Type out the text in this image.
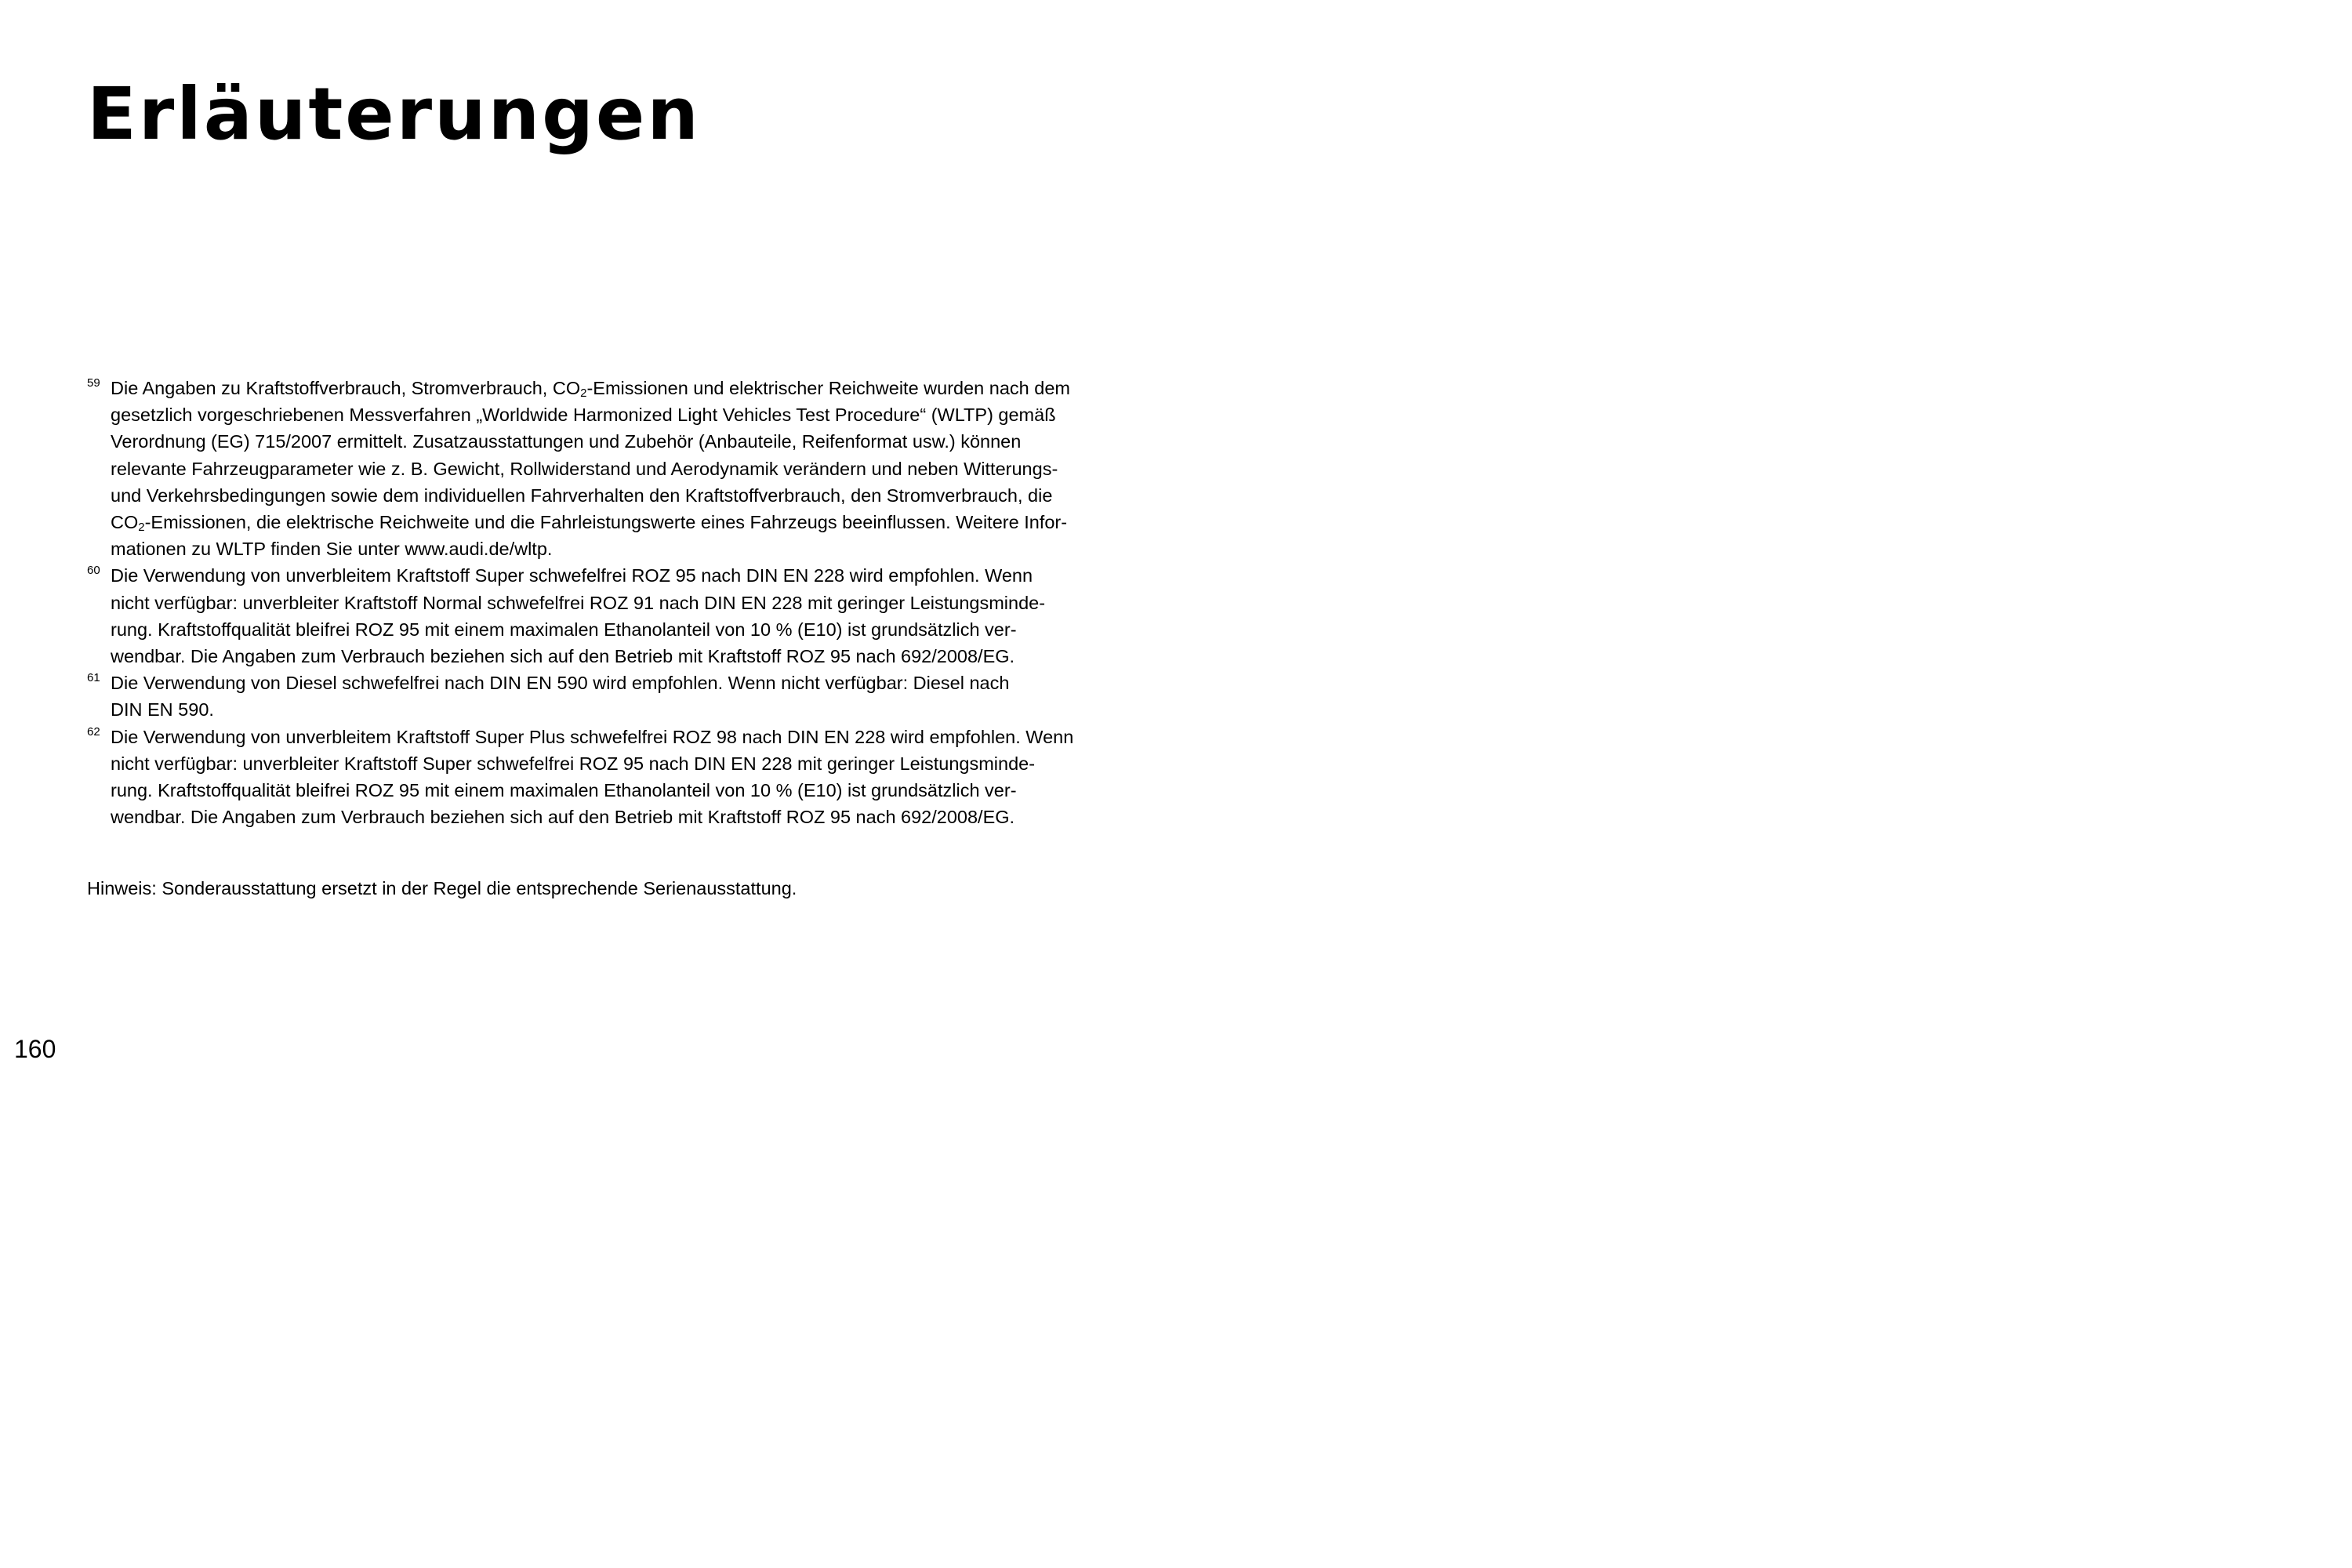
Erläuterungen
59 Die Angaben zu Kraftstoffverbrauch, Stromverbrauch, CO2-Emissionen und elektrischer Reichweite wurden nach dem
gesetzlich vorgeschriebenen Messverfahren „Worldwide Harmonized Light Vehicles Test Procedure“ (WLTP) gemäß
Verordnung (EG) 715/2007 ermittelt. Zusatzausstattungen und Zubehör (Anbauteile, Reifenformat usw.) können
relevante Fahrzeugparameter wie z. B. Gewicht, Rollwiderstand und Aerodynamik verändern und neben Witterungs-
und Verkehrsbedingungen sowie dem individuellen Fahrverhalten den Kraftstoffverbrauch, den Stromverbrauch, die
CO2-Emissionen, die elektrische Reichweite und die Fahrleistungswerte eines Fahrzeugs beeinflussen. Weitere Infor-
mationen zu WLTP finden Sie unter www.audi.de/wltp.
60 Die Verwendung von unverbleitem Kraftstoff Super schwefelfrei ROZ 95 nach DIN EN 228 wird empfohlen. Wenn
nicht verfügbar: unverbleiter Kraftstoff Normal schwefelfrei ROZ 91 nach DIN EN 228 mit geringer Leistungsminde-
rung. Kraftstoffqualität bleifrei ROZ 95 mit einem maximalen Ethanolanteil von 10 % (E10) ist grundsätzlich ver-
wendbar. Die Angaben zum Verbrauch beziehen sich auf den Betrieb mit Kraftstoff ROZ 95 nach 692/2008/EG.
61 Die Verwendung von Diesel schwefelfrei nach DIN EN 590 wird empfohlen. Wenn nicht verfügbar: Diesel nach
DIN EN 590.
62 Die Verwendung von unverbleitem Kraftstoff Super Plus schwefelfrei ROZ 98 nach DIN EN 228 wird empfohlen. Wenn
nicht verfügbar: unverbleiter Kraftstoff Super schwefelfrei ROZ 95 nach DIN EN 228 mit geringer Leistungsminde-
rung. Kraftstoffqualität bleifrei ROZ 95 mit einem maximalen Ethanolanteil von 10 % (E10) ist grundsätzlich ver-
wendbar. Die Angaben zum Verbrauch beziehen sich auf den Betrieb mit Kraftstoff ROZ 95 nach 692/2008/EG.

Hinweis: Sonderausstattung ersetzt in der Regel die entsprechende Serienausstattung.

160
